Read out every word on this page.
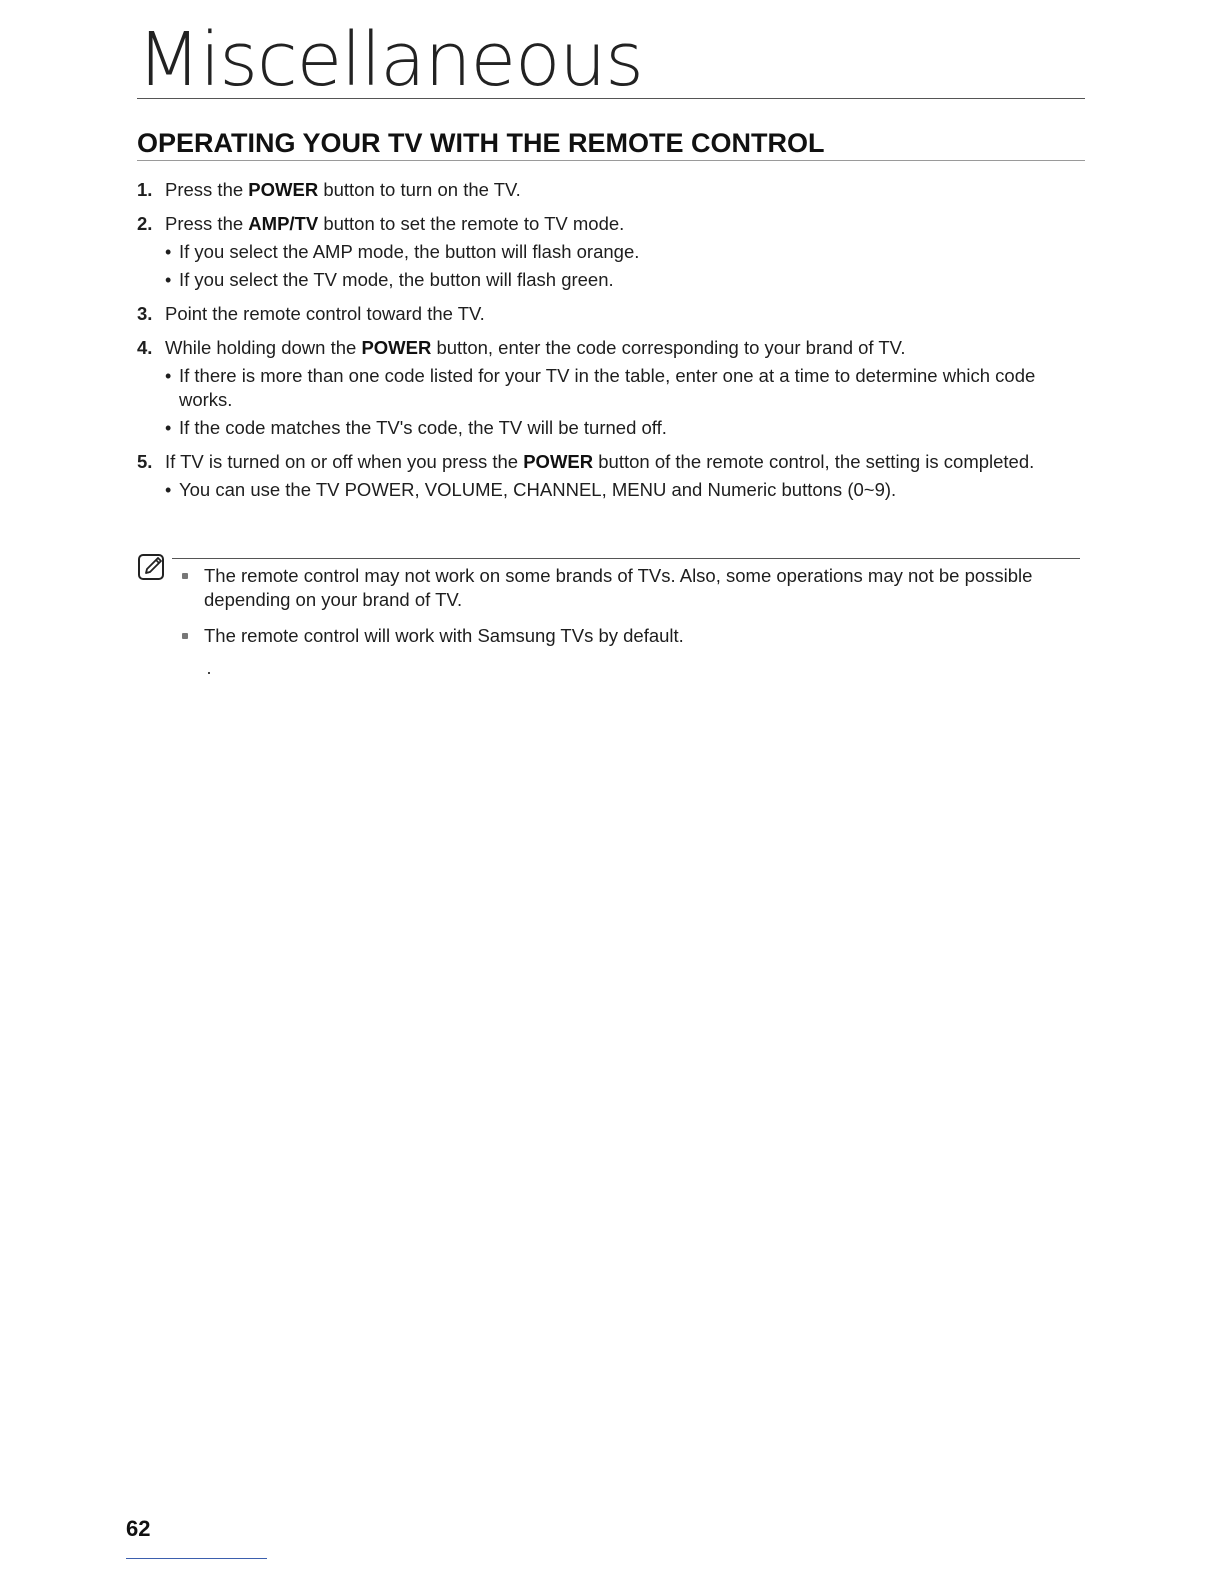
Miscellaneous
OPERATING YOUR TV WITH THE REMOTE CONTROL
1. Press the POWER button to turn on the TV.
2. Press the AMP/TV button to set the remote to TV mode.
• If you select the AMP mode, the button will flash orange.
• If you select the TV mode, the button will flash green.
3. Point the remote control toward the TV.
4. While holding down the POWER button, enter the code corresponding to your brand of TV.
• If there is more than one code listed for your TV in the table, enter one at a time to determine which code works.
• If the code matches the TV's code, the TV will be turned off.
5. If TV is turned on or off when you press the POWER button of the remote control, the setting is completed.
• You can use the TV POWER, VOLUME, CHANNEL, MENU and Numeric buttons (0~9).
The remote control may not work on some brands of TVs. Also, some operations may not be possible depending on your brand of TV.
The remote control will work with Samsung TVs by default.
62
